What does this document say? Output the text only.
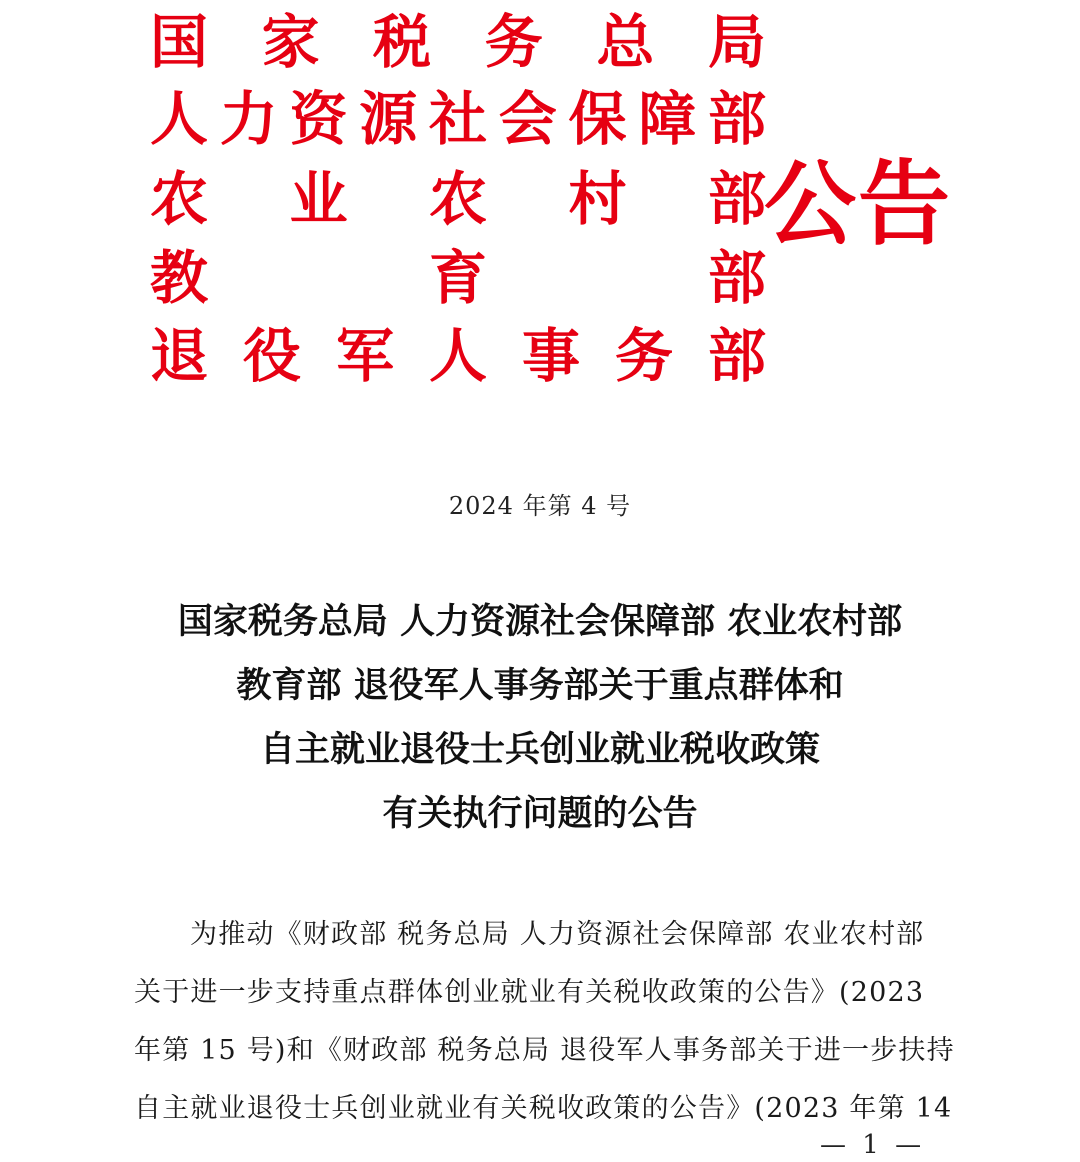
国 家 税 务 总 局
人 力 资 源 社 会 保 障 部
农 业 农 村 部
教	育	部
退 役 军 人 事 务 部
公告
2024 年第 4 号
国家税务总局 人力资源社会保障部 农业农村部
教育部 退役军人事务部关于重点群体和
自主就业退役士兵创业就业税收政策
有关执行问题的公告
为推动《财政部 税务总局 人力资源社会保障部 农业农村部
关于进一步支持重点群体创业就业有关税收政策的公告》(2023
年第 15 号)和《财政部 税务总局 退役军人事务部关于进一步扶持
自主就业退役士兵创业就业有关税收政策的公告》(2023 年第 14
— 1 —
